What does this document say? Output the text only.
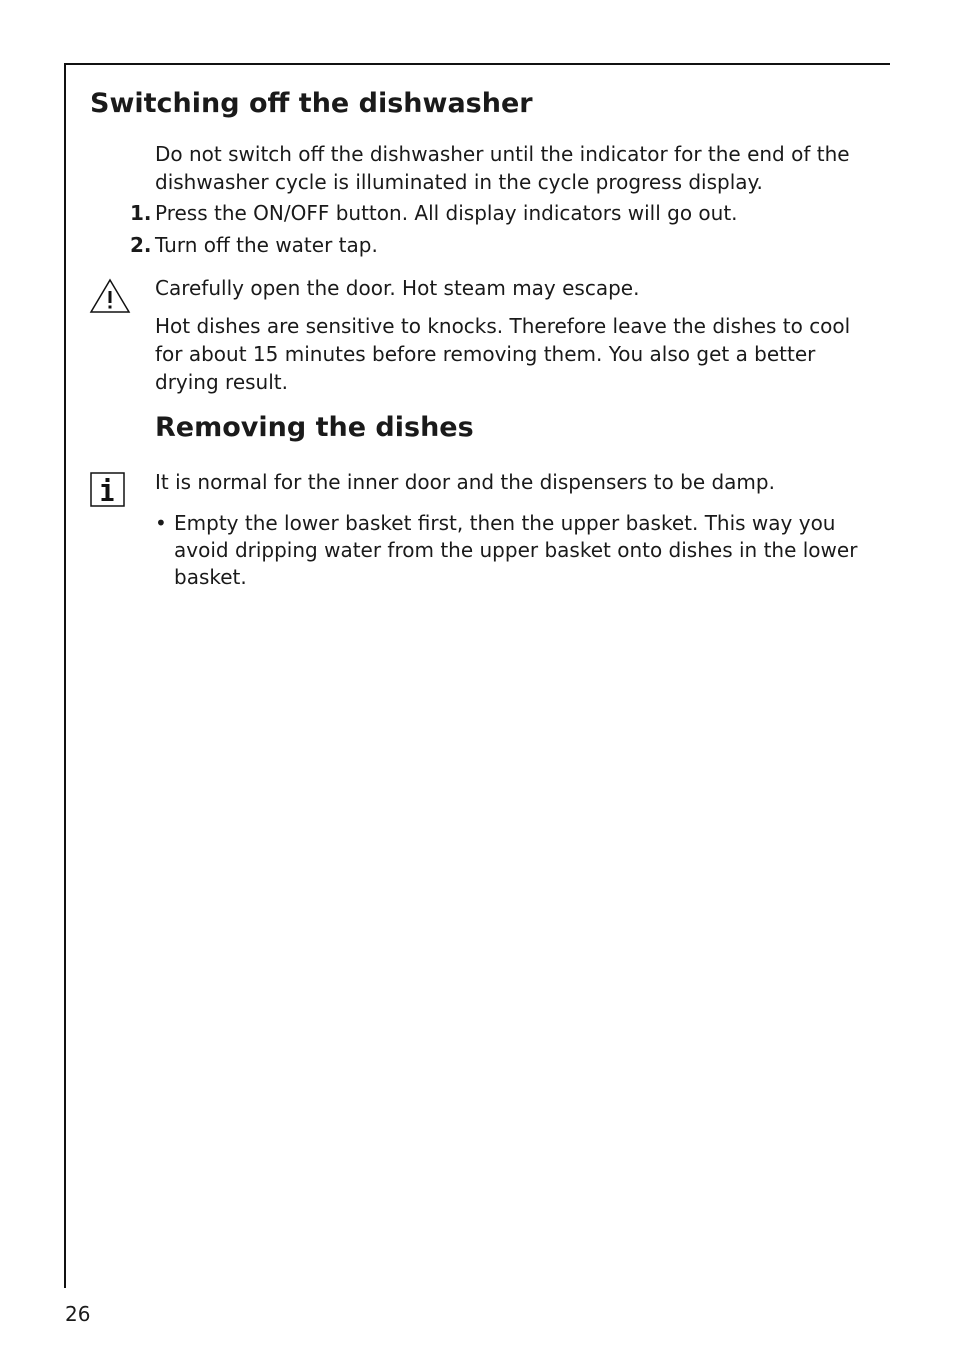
Switching off the dishwasher

Do not switch off the dishwasher until the indicator for the end of the dishwasher cycle is illuminated in the cycle progress display.

1. Press the ON/OFF button. All display indicators will go out.
2. Turn off the water tap.

Carefully open the door. Hot steam may escape.

Hot dishes are sensitive to knocks. Therefore leave the dishes to cool for about 15 minutes before removing them. You also get a better drying result.

Removing the dishes

It is normal for the inner door and the dispensers to be damp.

• Empty the lower basket first, then the upper basket. This way you avoid dripping water from the upper basket onto dishes in the lower basket.
26
